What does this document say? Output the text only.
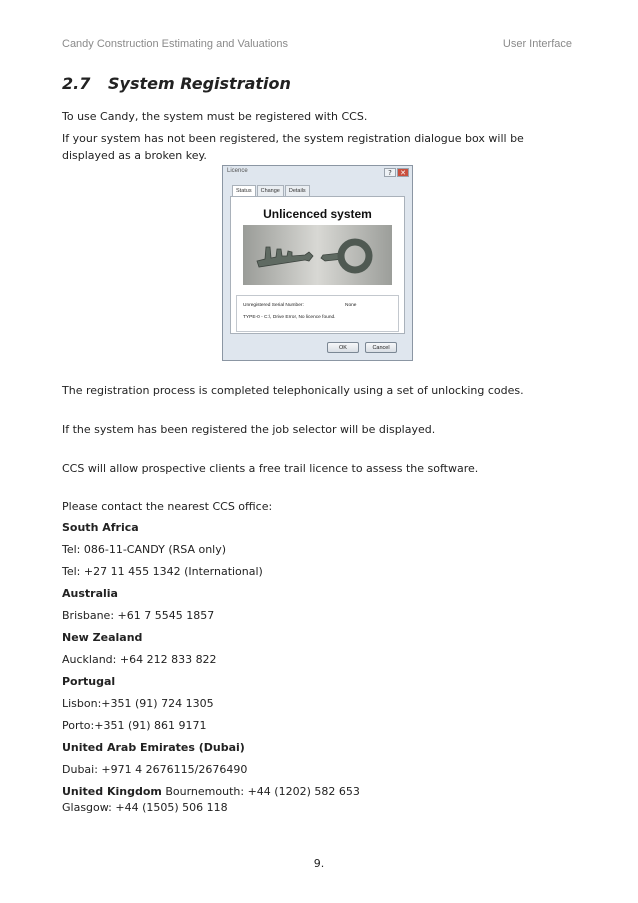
Candy Construction Estimating and Valuations	User Interface
2.7 System Registration
To use Candy, the system must be registered with CCS.
If your system has not been registered, the system registration dialogue box will be displayed as a broken key.
Licence	?	✕
Status	Change	Details
Unlicenced system
Unregistered Serial Number:	None
TYPE-0 - C:\, Drive Error, No licence found.
OK	Cancel
The registration process is completed telephonically using a set of unlocking codes.
If the system has been registered the job selector will be displayed.
CCS will allow prospective clients a free trail licence to assess the software.
Please contact the nearest CCS office:
South Africa
Tel: 086-11-CANDY (RSA only)
Tel: +27 11 455 1342 (International)
Australia
Brisbane: +61 7 5545 1857
New Zealand
Auckland: +64 212 833 822
Portugal
Lisbon:+351 (91) 724 1305
Porto:+351 (91) 861 9171
United Arab Emirates (Dubai)
Dubai: +971 4 2676115/2676490
United Kingdom Bournemouth: +44 (1202) 582 653
Glasgow: +44 (1505) 506 118
9.
